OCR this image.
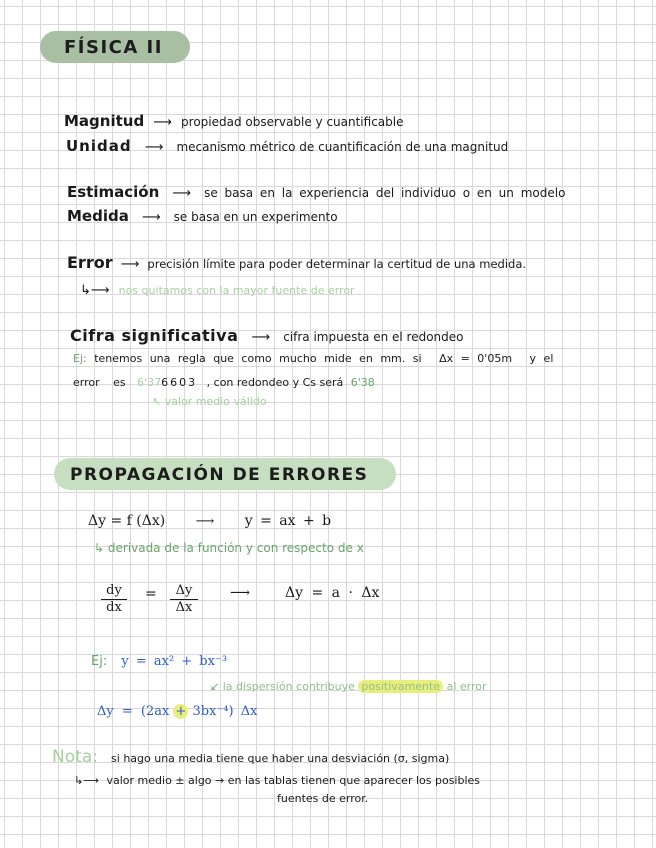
FÍSICA II
Magnitud ⟶ propiedad observable y cuantificable
Unidad ⟶ mecanismo métrico de cuantificación de una magnitud
Estimación ⟶ se basa en la experiencia del individuo o en un modelo
Medida ⟶ se basa en un experimento
Error ⟶ precisión límite para poder determinar la certitud de una medida.
↳⟶ nos quitamos con la mayor fuente de error
Cifra significativa ⟶ cifra impuesta en el redondeo
Ej: tenemos una regla que como mucho mide en mm. si Δx = 0'05m y el
error es 6'376603 , con redondeo y Cs será 6'38
↖ valor medio válido
PROPAGACIÓN DE ERRORES
Δy = f (Δx) ⟶ y = ax + b
↳ derivada de la función y con respecto de x
$\frac{dy}{dx} = \frac{\Delta y}{\Delta x}$ ⟶ Δy = a · Δx
Ej: y = ax² + bx⁻³
↙ la dispersión contribuye positivamente al error
Δy = (2ax + 3bx⁻⁴) Δx
Nota: si hago una media tiene que haber una desviación (σ, sigma)
↳⟶ valor medio ± algo → en las tablas tienen que aparecer los posibles
fuentes de error.
